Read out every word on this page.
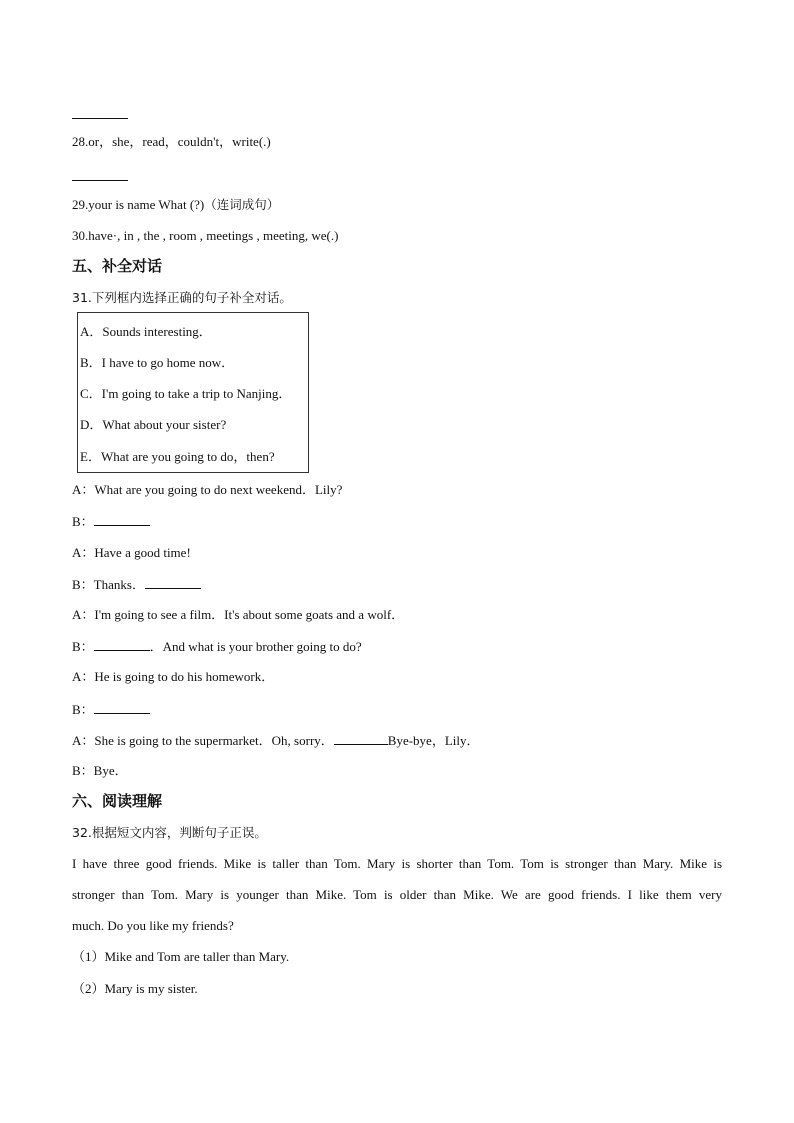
28.or，she，read，couldn't，write(.)
29.your is name What (?)（连词成句）
30.have·, in , the , room , meetings , meeting, we(.)
五、补全对话
31.下列框内选择正确的句子补全对话。
A．Sounds interesting．
B．I have to go home now．
C．I'm going to take a trip to Nanjing．
D．What about your sister?
E．What are you going to do，then?
A：What are you going to do next weekend．Lily?
B：
A：Have a good time!
B：Thanks．
A：I'm going to see a film．It's about some goats and a wolf．
B：	．And what is your brother going to do?
A：He is going to do his homework．
B：
A：She is going to the supermarket．Oh, sorry．	Bye-bye，Lily．
B：Bye．
六、阅读理解
32.根据短文内容，判断句子正误。
I have three good friends. Mike is taller than Tom. Mary is shorter than Tom. Tom is stronger than Mary. Mike is
stronger than Tom. Mary is younger than Mike. Tom is older than Mike. We are good friends. I like them very
much. Do you like my friends?
（1）Mike and Tom are taller than Mary.
（2）Mary is my sister.
